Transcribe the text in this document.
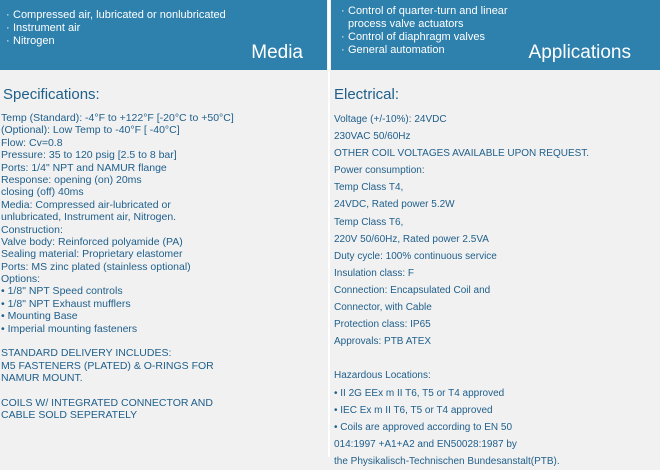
· Compressed air, lubricated or nonlubricated
· Instrument air
· Nitrogen
Media
· Control of quarter-turn and linear
process valve actuators
· Control of diaphragm valves
· General automation	Applications
Specifications:
Temp (Standard): -4°F to +122°F [-20°C to +50°C]
(Optional): Low Temp to -40°F [ -40°C]
Flow: Cv=0.8
Pressure: 35 to 120 psig [2.5 to 8 bar]
Ports: 1/4" NPT and NAMUR flange
Response: opening (on) 20ms
closing (off) 40ms
Media: Compressed air-lubricated or
unlubricated, Instrument air, Nitrogen.
Construction:
Valve body: Reinforced polyamide (PA)
Sealing material: Proprietary elastomer
Ports: MS zinc plated (stainless optional)
Options:
• 1/8" NPT Speed controls
• 1/8" NPT Exhaust mufflers
• Mounting Base
• Imperial mounting fasteners
STANDARD DELIVERY INCLUDES:
M5 FASTENERS (PLATED) & O-RINGS FOR
NAMUR MOUNT.
COILS W/ INTEGRATED CONNECTOR AND
CABLE SOLD SEPERATELY
Electrical:
Voltage (+/-10%): 24VDC
230VAC 50/60Hz
OTHER COIL VOLTAGES AVAILABLE UPON REQUEST.
Power consumption:
Temp Class T4,
24VDC, Rated power 5.2W
Temp Class T6,
220V 50/60Hz, Rated power 2.5VA
Duty cycle: 100% continuous service
Insulation class: F
Connection: Encapsulated Coil and
Connector, with Cable
Protection class: IP65
Approvals: PTB ATEX
Hazardous Locations:
• II 2G EEx m II T6, T5 or T4 approved
• IEC Ex m II T6, T5 or T4 approved
• Coils are approved according to EN 50
014:1997 +A1+A2 and EN50028:1987 by
the Physikalisch-Technischen Bundesanstalt(PTB).
